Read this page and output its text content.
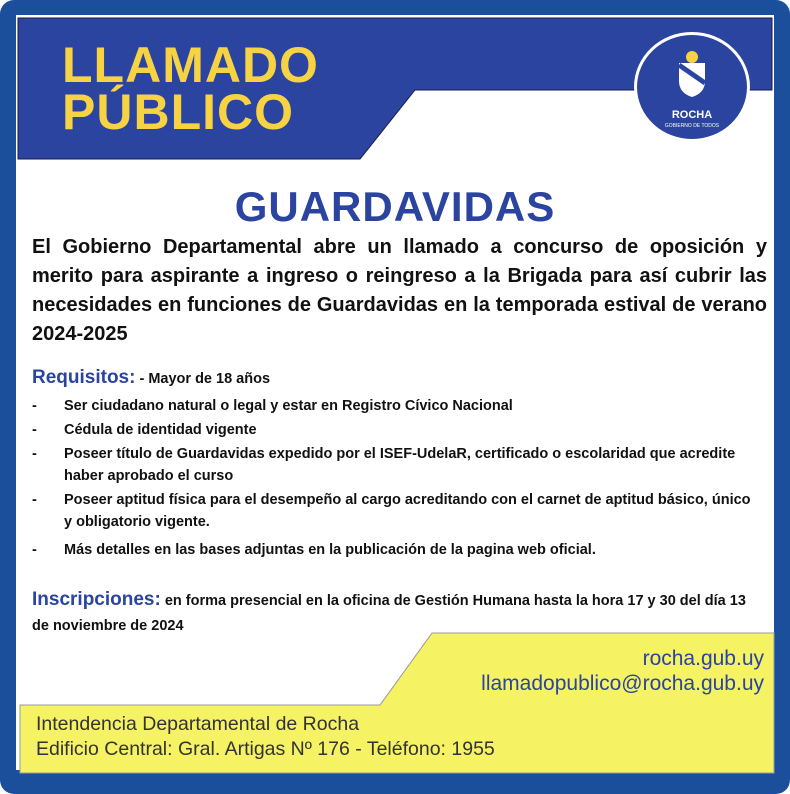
LLAMADO
PÚBLICO	ROCHA
GOBIERNO DE TODOS
GUARDAVIDAS

El Gobierno Departamental abre un llamado a concurso de oposición y merito para aspirante a ingreso o reingreso a la Brigada para así cubrir las necesidades en funciones de Guardavidas en la temporada estival de verano 2024-2025

Requisitos: - Mayor de 18 años
- Ser ciudadano natural o legal y estar en Registro Cívico Nacional
- Cédula de identidad vigente
- Poseer título de Guardavidas expedido por el ISEF-UdelaR, certificado o escolaridad que acredite haber aprobado el curso
- Poseer aptitud física para el desempeño al cargo acreditando con el carnet de aptitud básico, único y obligatorio vigente.
- Más detalles en las bases adjuntas en la publicación de la pagina web oficial.
Inscripciones: en forma presencial en la oficina de Gestión Humana hasta la hora 17 y 30 del día 13 de noviembre de 2024
rocha.gub.uy
llamadopublico@rocha.gub.uy
Intendencia Departamental de Rocha
Edificio Central: Gral. Artigas Nº 176 - Teléfono: 1955
